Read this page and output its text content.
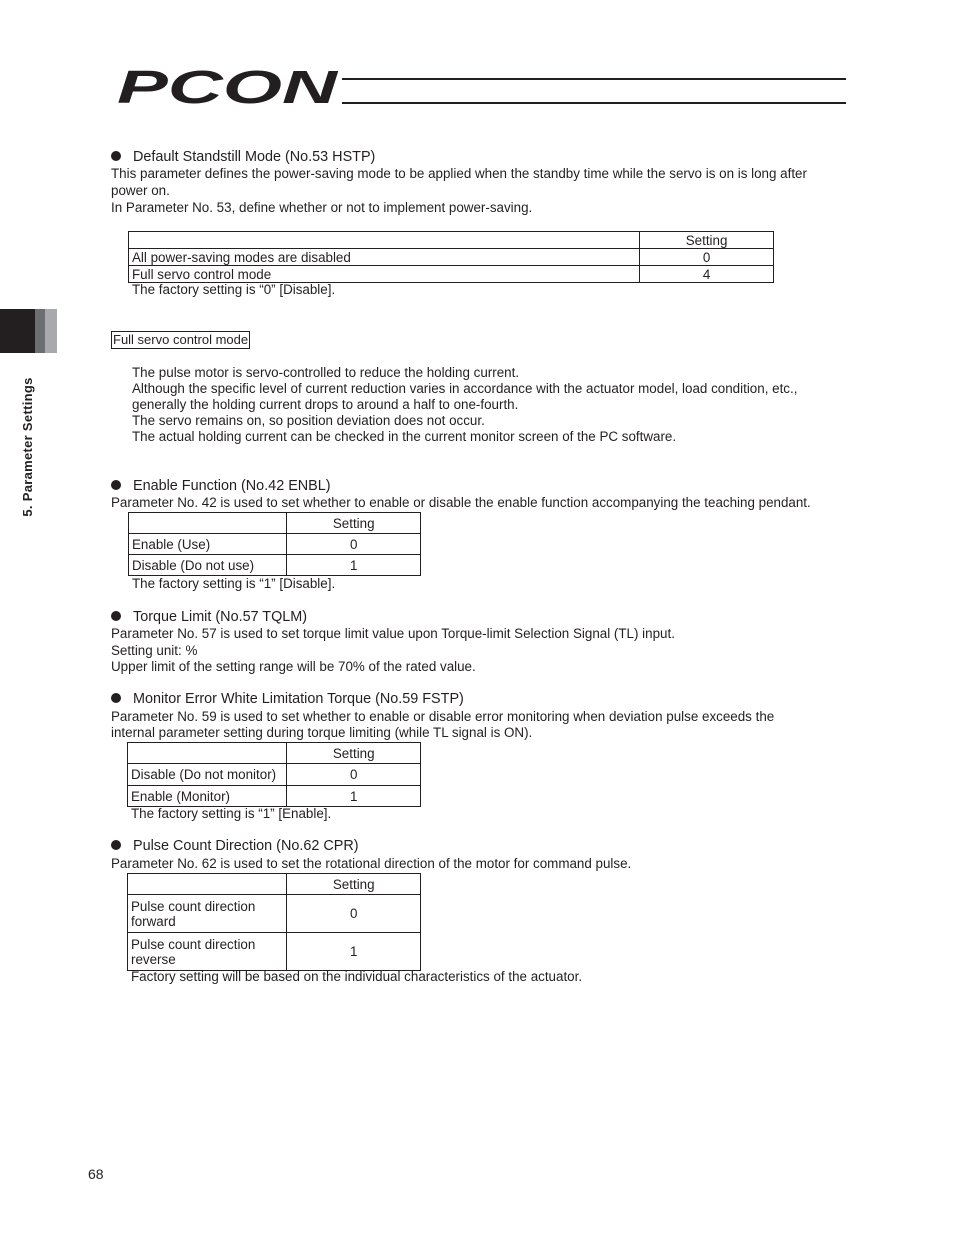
PCON
5. Parameter Settings
Default Standstill Mode (No.53 HSTP)
This parameter defines the power-saving mode to be applied when the standby time while the servo is on is long after
power on.
In Parameter No. 53, define whether or not to implement power-saving.
	Setting
All power-saving modes are disabled	0
Full servo control mode	4
The factory setting is “0” [Disable].
Full servo control mode
The pulse motor is servo-controlled to reduce the holding current.
Although the specific level of current reduction varies in accordance with the actuator model, load condition, etc.,
generally the holding current drops to around a half to one-fourth.
The servo remains on, so position deviation does not occur.
The actual holding current can be checked in the current monitor screen of the PC software.
Enable Function (No.42 ENBL)
Parameter No. 42 is used to set whether to enable or disable the enable function accompanying the teaching pendant.
	Setting
Enable (Use)	0
Disable (Do not use)	1
The factory setting is “1” [Disable].
Torque Limit (No.57 TQLM)
Parameter No. 57 is used to set torque limit value upon Torque-limit Selection Signal (TL) input.
Setting unit: %
Upper limit of the setting range will be 70% of the rated value.
Monitor Error White Limitation Torque (No.59 FSTP)
Parameter No. 59 is used to set whether to enable or disable error monitoring when deviation pulse exceeds the
internal parameter setting during torque limiting (while TL signal is ON).
	Setting
Disable (Do not monitor)	0
Enable (Monitor)	1
The factory setting is “1” [Enable].
Pulse Count Direction (No.62 CPR)
Parameter No. 62 is used to set the rotational direction of the motor for command pulse.
	Setting
Pulse count direction
forward	0
Pulse count direction
reverse	1
Factory setting will be based on the individual characteristics of the actuator.
68
